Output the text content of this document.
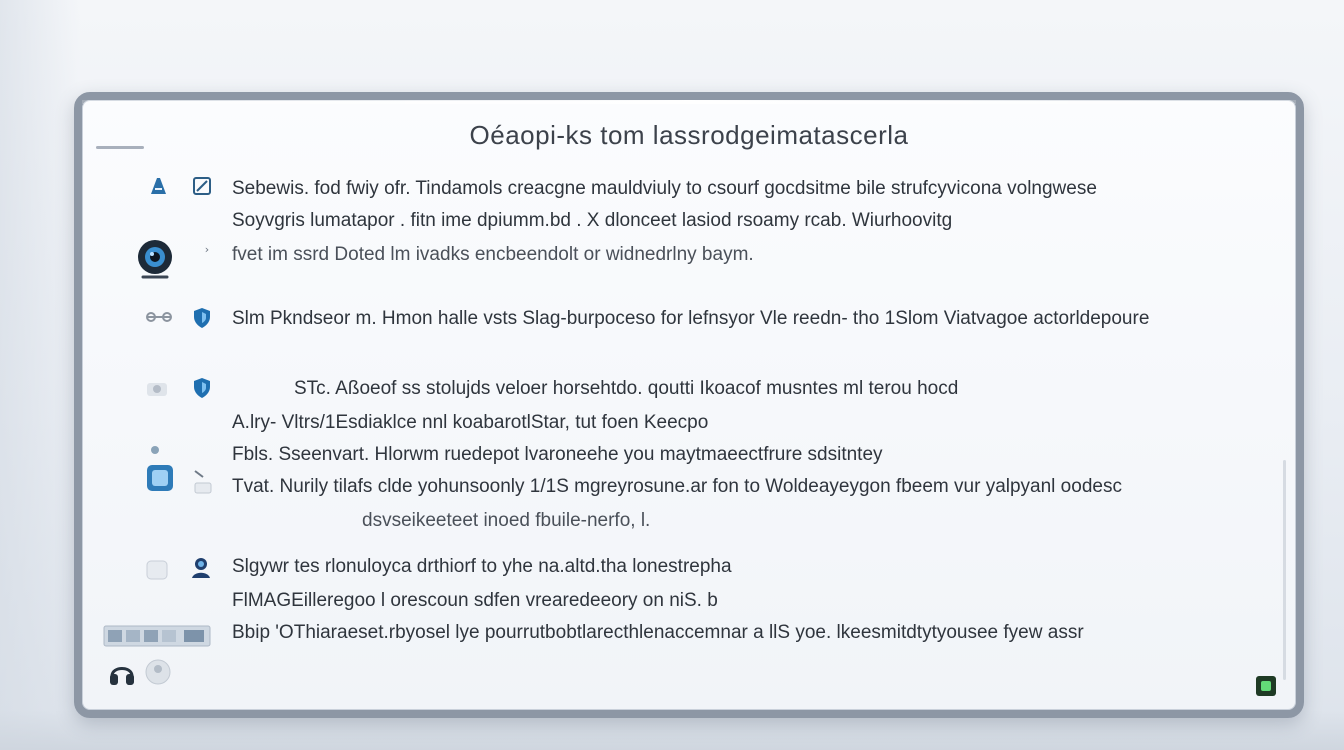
Oéaopi-ks tom lassrodgeimatascerla
›
Sebewis. fod fwiy ofr. Tindamols creacgne mauldviuly to csourf gocdsitme bile strufcyvicona volngwese
Soyvgris lumatapor . fitn ime dpiumm.bd . X dlonceet lasiod rsoamy rcab. Wiurhoovitg
fvet im ssrd Doted lm ivadks encbeendolt or widnedrlny baym.
Slm Pkndseor m. Hmon halle vsts Slag-burpoceso for lefnsyor Vle reedn- tho 1Slom Viatvagoe actorldepoure
STc. Aßoeof ss stolujds veloer horsehtdo. qoutti Ikoacof musntes ml terou hocd
A.lry- Vltrs/1Esdiaklce nnl koabarotlStar, tut foen Keecpo
Fbls. Sseenvart. Hlorwm ruedepot lvaroneehe you maytmaeectfrure sdsitntey
Tvat. Nurily tilafs clde yohunsoonly 1/1S mgreyrosune.ar fon to Woldeayeygon fbeem vur yalpyanl oodesc
dsvseikeeteet inoed fbuile-nerfo, l.
Slgywr tes rlonuloyca drthiorf to yhe na.altd.tha lonestrepha
FlMAGEilleregoo l orescoun sdfen vrearedeeory on niS. b
Bbip 'OThiaraeset.rbyosel lye pourrutbobtlarecthlenaccemnar a llS yoe. lkeesmitdtytyousee fyew assr
